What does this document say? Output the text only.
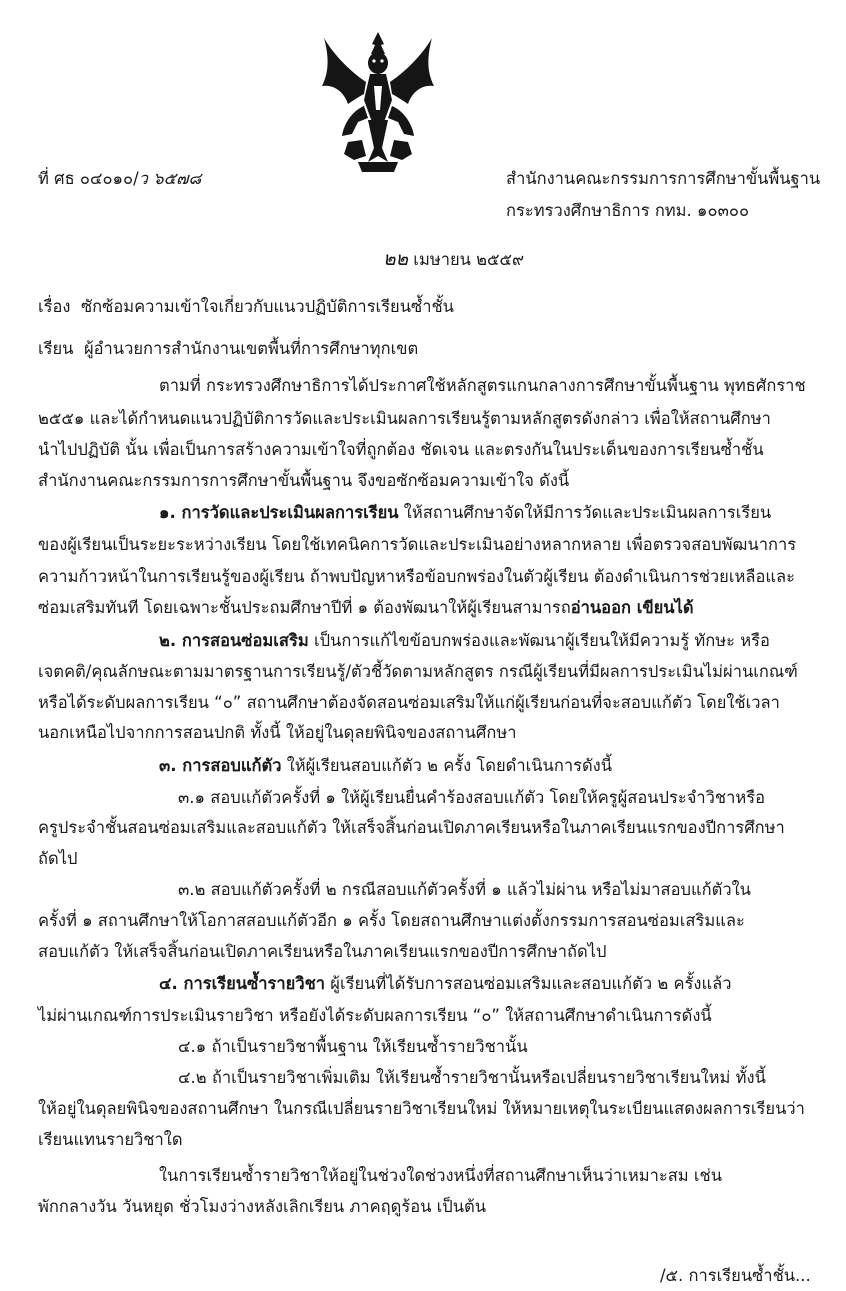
ที่ ศธ ๐๔๐๑๐/ว ๖๕๗๘	สำนักงานคณะกรรมการการศึกษาขั้นพื้นฐาน
กระทรวงศึกษาธิการ กทม. ๑๐๓๐๐
๒๒ เมษายน ๒๕๕๙
เรื่อง ซักซ้อมความเข้าใจเกี่ยวกับแนวปฏิบัติการเรียนซ้ำชั้น
เรียน ผู้อำนวยการสำนักงานเขตพื้นที่การศึกษาทุกเขต
ตามที่ กระทรวงศึกษาธิการได้ประกาศใช้หลักสูตรแกนกลางการศึกษาขั้นพื้นฐาน พุทธศักราช
๒๕๕๑ และได้กำหนดแนวปฏิบัติการวัดและประเมินผลการเรียนรู้ตามหลักสูตรดังกล่าว เพื่อให้สถานศึกษา
นำไปปฏิบัติ นั้น เพื่อเป็นการสร้างความเข้าใจที่ถูกต้อง ชัดเจน และตรงกันในประเด็นของการเรียนซ้ำชั้น
สำนักงานคณะกรรมการการศึกษาขั้นพื้นฐาน จึงขอซักซ้อมความเข้าใจ ดังนี้
๑. การวัดและประเมินผลการเรียน ให้สถานศึกษาจัดให้มีการวัดและประเมินผลการเรียน
ของผู้เรียนเป็นระยะระหว่างเรียน โดยใช้เทคนิคการวัดและประเมินอย่างหลากหลาย เพื่อตรวจสอบพัฒนาการ
ความก้าวหน้าในการเรียนรู้ของผู้เรียน ถ้าพบปัญหาหรือข้อบกพร่องในตัวผู้เรียน ต้องดำเนินการช่วยเหลือและ
ซ่อมเสริมทันที โดยเฉพาะชั้นประถมศึกษาปีที่ ๑ ต้องพัฒนาให้ผู้เรียนสามารถอ่านออก เขียนได้
๒. การสอนซ่อมเสริม เป็นการแก้ไขข้อบกพร่องและพัฒนาผู้เรียนให้มีความรู้ ทักษะ หรือ
เจตคติ/คุณลักษณะตามมาตรฐานการเรียนรู้/ตัวชี้วัดตามหลักสูตร กรณีผู้เรียนที่มีผลการประเมินไม่ผ่านเกณฑ์
หรือได้ระดับผลการเรียน “๐” สถานศึกษาต้องจัดสอนซ่อมเสริมให้แก่ผู้เรียนก่อนที่จะสอบแก้ตัว โดยใช้เวลา
นอกเหนือไปจากการสอนปกติ ทั้งนี้ ให้อยู่ในดุลยพินิจของสถานศึกษา
๓. การสอบแก้ตัว ให้ผู้เรียนสอบแก้ตัว ๒ ครั้ง โดยดำเนินการดังนี้
๓.๑ สอบแก้ตัวครั้งที่ ๑ ให้ผู้เรียนยื่นคำร้องสอบแก้ตัว โดยให้ครูผู้สอนประจำวิชาหรือ
ครูประจำชั้นสอนซ่อมเสริมและสอบแก้ตัว ให้เสร็จสิ้นก่อนเปิดภาคเรียนหรือในภาคเรียนแรกของปีการศึกษา
ถัดไป
๓.๒ สอบแก้ตัวครั้งที่ ๒ กรณีสอบแก้ตัวครั้งที่ ๑ แล้วไม่ผ่าน หรือไม่มาสอบแก้ตัวใน
ครั้งที่ ๑ สถานศึกษาให้โอกาสสอบแก้ตัวอีก ๑ ครั้ง โดยสถานศึกษาแต่งตั้งกรรมการสอนซ่อมเสริมและ
สอบแก้ตัว ให้เสร็จสิ้นก่อนเปิดภาคเรียนหรือในภาคเรียนแรกของปีการศึกษาถัดไป
๔. การเรียนซ้ำรายวิชา ผู้เรียนที่ได้รับการสอนซ่อมเสริมและสอบแก้ตัว ๒ ครั้งแล้ว
ไม่ผ่านเกณฑ์การประเมินรายวิชา หรือยังได้ระดับผลการเรียน “๐” ให้สถานศึกษาดำเนินการดังนี้
๔.๑ ถ้าเป็นรายวิชาพื้นฐาน ให้เรียนซ้ำรายวิชานั้น
๔.๒ ถ้าเป็นรายวิชาเพิ่มเติม ให้เรียนซ้ำรายวิชานั้นหรือเปลี่ยนรายวิชาเรียนใหม่ ทั้งนี้
ให้อยู่ในดุลยพินิจของสถานศึกษา ในกรณีเปลี่ยนรายวิชาเรียนใหม่ ให้หมายเหตุในระเบียนแสดงผลการเรียนว่า
เรียนแทนรายวิชาใด
ในการเรียนซ้ำรายวิชาให้อยู่ในช่วงใดช่วงหนึ่งที่สถานศึกษาเห็นว่าเหมาะสม เช่น
พักกลางวัน วันหยุด ชั่วโมงว่างหลังเลิกเรียน ภาคฤดูร้อน เป็นต้น
/๕. การเรียนซ้ำชั้น...
